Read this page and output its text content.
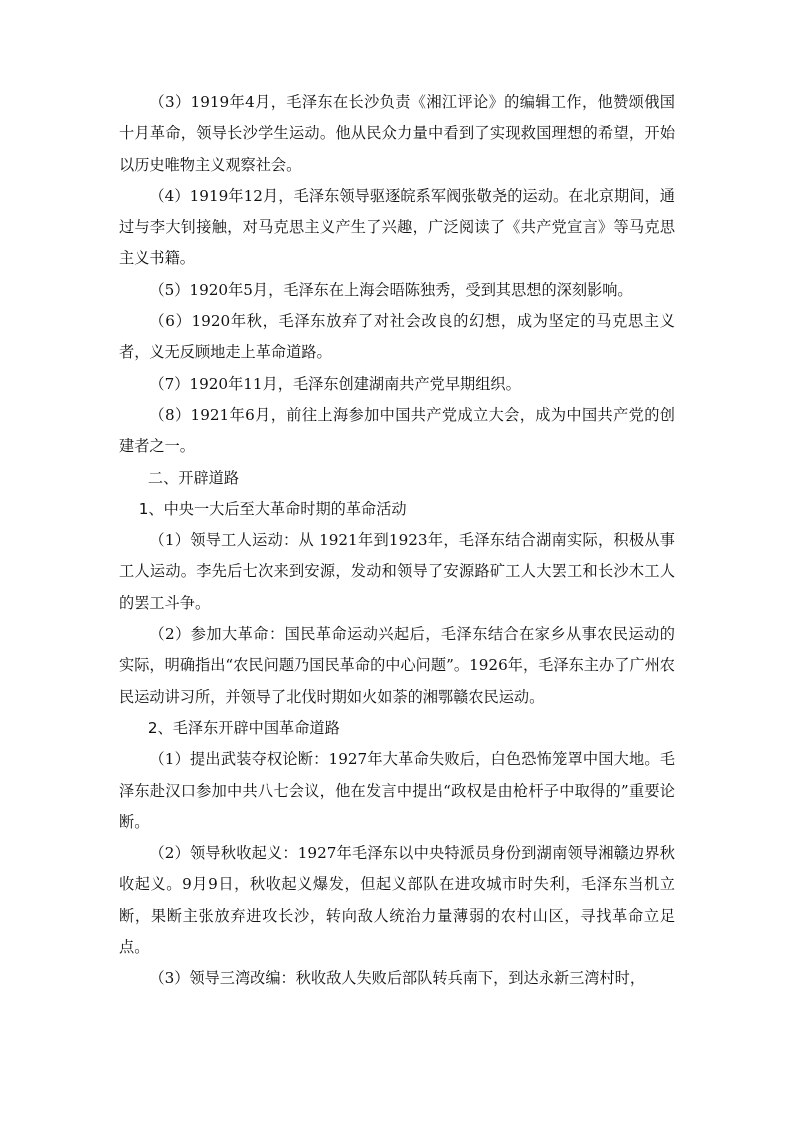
（3）1919年4月，毛泽东在长沙负责《湘江评论》的编辑工作，他赞颂俄国十月革命，领导长沙学生运动。他从民众力量中看到了实现救国理想的希望，开始以历史唯物主义观察社会。

（4）1919年12月，毛泽东领导驱逐皖系军阀张敬尧的运动。在北京期间，通过与李大钊接触，对马克思主义产生了兴趣，广泛阅读了《共产党宣言》等马克思主义书籍。

（5）1920年5月，毛泽东在上海会晤陈独秀，受到其思想的深刻影响。

（6）1920年秋，毛泽东放弃了对社会改良的幻想，成为坚定的马克思主义者，义无反顾地走上革命道路。

（7）1920年11月，毛泽东创建湖南共产党早期组织。

（8）1921年6月，前往上海参加中国共产党成立大会，成为中国共产党的创建者之一。

二、开辟道路

1、中央一大后至大革命时期的革命活动

（1）领导工人运动：从 1921年到1923年，毛泽东结合湖南实际，积极从事工人运动。李先后七次来到安源，发动和领导了安源路矿工人大罢工和长沙木工人的罢工斗争。

（2）参加大革命：国民革命运动兴起后，毛泽东结合在家乡从事农民运动的实际，明确指出“农民问题乃国民革命的中心问题”。1926年，毛泽东主办了广州农民运动讲习所，并领导了北伐时期如火如荼的湘鄂赣农民运动。

2、毛泽东开辟中国革命道路

（1）提出武装夺权论断：1927年大革命失败后，白色恐怖笼罩中国大地。毛泽东赴汉口参加中共八七会议，他在发言中提出“政权是由枪杆子中取得的”重要论断。

（2）领导秋收起义：1927年毛泽东以中央特派员身份到湖南领导湘赣边界秋收起义。9月9日，秋收起义爆发，但起义部队在进攻城市时失利，毛泽东当机立断，果断主张放弃进攻长沙，转向敌人统治力量薄弱的农村山区，寻找革命立足点。

（3）领导三湾改编：秋收敌人失败后部队转兵南下，到达永新三湾村时，
